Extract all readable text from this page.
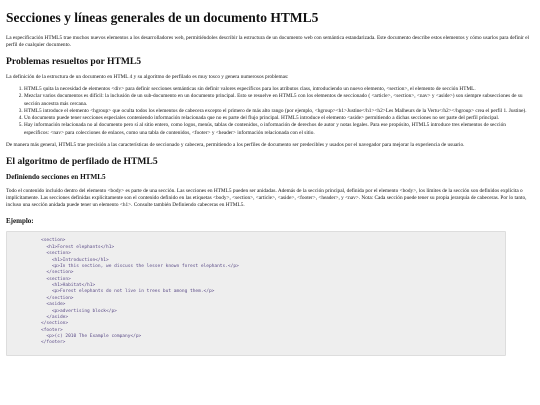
Secciones y líneas generales de un documento HTML5

La especificación HTML5 trae muchos nuevos elementos a los desarrolladores web, permitiéndoles describir la estructura de un documento web con semántica estandarizada. Este documento describe estos elementos y cómo usarlos para definir el perfil de cualquier documento.

Problemas resueltos por HTML5

La definición de la estructura de un documento en HTML 4 y su algoritmo de perfilado es muy tosco y genera numerosos problemas:

1. HTML5 quita la necesidad de elementos <div> para definir secciones semánticas sin definir valores específicos para los atributos class, introduciendo un nuevo elemento, <section>, el elemento de sección HTML.
2. Mezclar varios documentos es difícil: la inclusión de un sub-documento en un documento principal. Esto se resuelve en HTML5 con los elementos de seccionado ( <article>, <section>, <nav> y <aside>) son siempre subsecciones de su sección ancestra más cercana.
3. HTML5 introduce el elemento <hgroup> que oculta todos los elementos de cabecera excepto el primero de más alto rango (por ejemplo, <hgroup><h1>Justine</h1><h2>Les Malheurs de la Vertu</h2></hgroup> crea el perfil 1. Justine).
4. Un documento puede tener secciones especiales conteniendo información relacionada que no es parte del flujo principal. HTML5 introduce el elemento <aside> permitiendo a dichas secciones no ser parte del perfil principal.
5. Hay información relacionada no al documento pero sí al sitio entero, como logos, menús, tablas de contenidos, o información de derechos de autor y notas legales. Para ese propósito, HTML5 introduce tres elementos de sección específicos: <nav> para colecciones de enlaces, como una tabla de contenidos, <footer> y <header> información relacionada con el sitio.

De manera más general, HTML5 trae precisión a las características de seccionado y cabecera, permitiendo a los perfiles de documento ser predecibles y usados por el navegador para mejorar la experiencia de usuario.

El algoritmo de perfilado de HTML5
Definiendo secciones en HTML5

Todo el contenido incluido dentro del elemento <body> es parte de una sección. Las secciones en HTML5 pueden ser anidadas. Además de la sección principal, definida por el elemento <body>, los límites de la sección son definidos explícita o implícitamente. Las secciones definidas explícitamente son el contenido definido en las etiquetas <body>, <section>, <article>, <aside>, <footer>, <header>, y <nav>. Nota: Cada sección puede tener su propia jerarquía de cabeceras. Por lo tanto, incluso una sección anidada puede tener un elemento <h1>. Consulte también Definiendo cabeceras en HTML5.

Ejemplo:
<section>
<h1>Forest elephants</h1>
<section>
<h1>Introduction</h1>
<p>In this section, we discuss the lesser known forest elephants.</p>
</section>
<section>
<h1>Habitat</h1>
<p>Forest elephants do not live in trees but among them.</p>
</section>
<aside>
<p>advertising block</p>
</aside>
</section>
<footer>
<p>(c) 2010 The Example company</p>
</footer>
